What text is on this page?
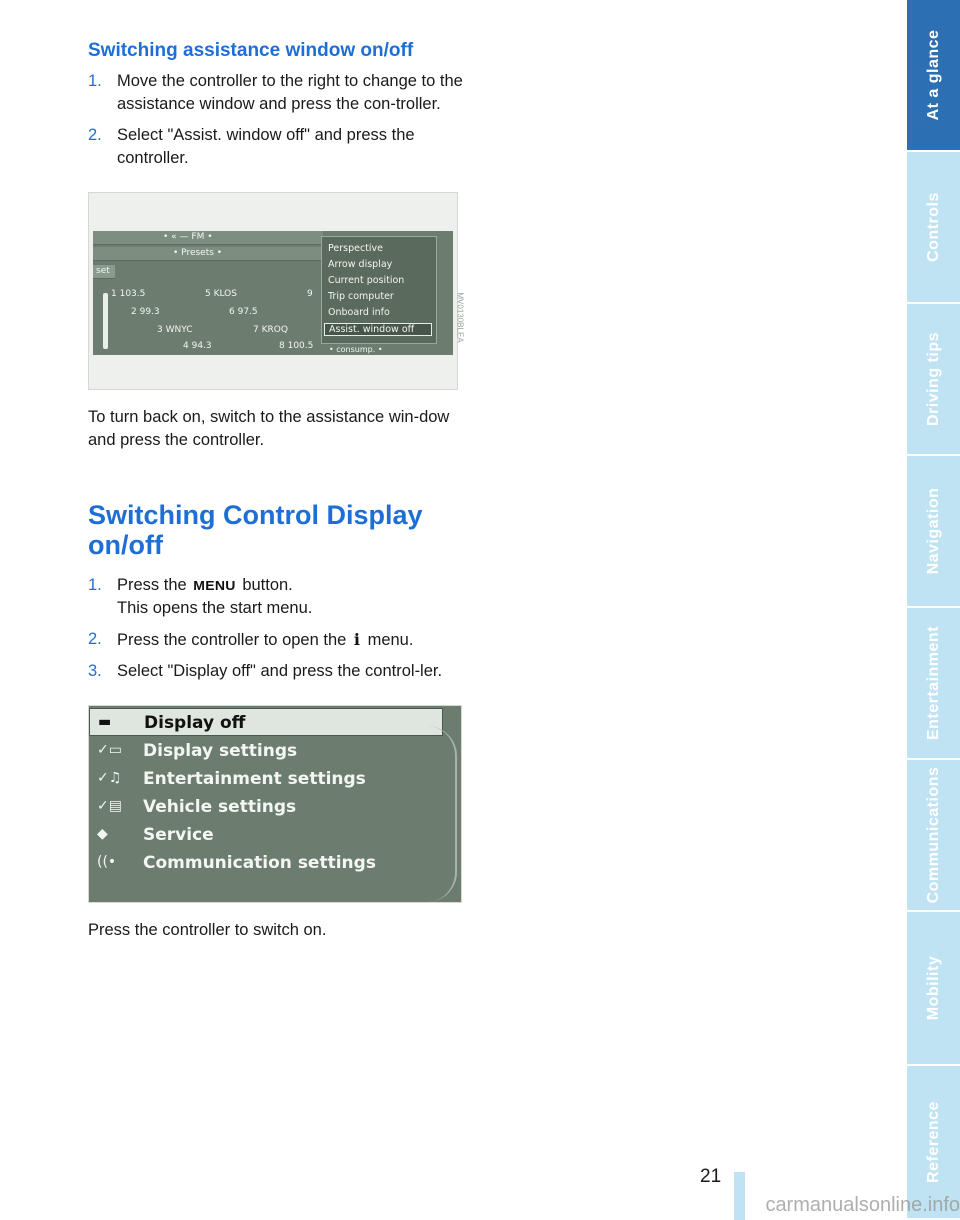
Switching assistance window on/off
1. Move the controller to the right to change to the assistance window and press the con-troller.
2. Select "Assist. window off" and press the controller.
• « — FM •
• Presets •
set
1 103.5	5 KLOS	9
2 99.3	6 97.5
3 WNYC	7 KROQ
4 94.3	8 100.5
Perspective
Arrow display
Current position
Trip computer
Onboard info
Assist. window off
• consump. •
MV0130BLEA

To turn back on, switch to the assistance win-dow and press the controller.

Switching Control Display on/off
1. Press the MENU button.
This opens the start menu.
2. Press the controller to open the i menu.
3. Select "Display off" and press the control-ler.
▬	Display off
✓▭ Display settings
✓♫	Entertainment settings
✓▤ Vehicle settings
◆	Service
((•	Communication settings

Press the controller to switch on.

At a glance
Controls
Driving tips
Navigation
Entertainment
Communications
Mobility
Reference
21
carmanualsonline.info
